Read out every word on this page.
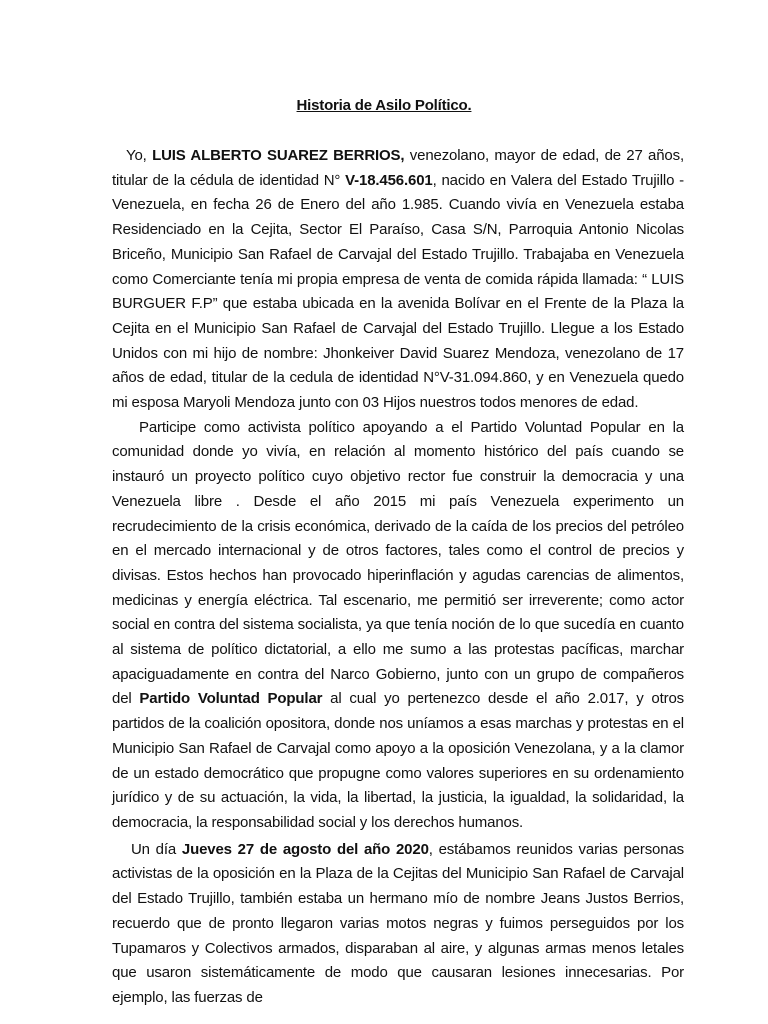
Historia de Asilo Político.

Yo, LUIS ALBERTO SUAREZ BERRIOS, venezolano, mayor de edad, de 27 años, titular de la cédula de identidad N° V-18.456.601, nacido en Valera del Estado Trujillo - Venezuela, en fecha 26 de Enero del año 1.985. Cuando vivía en Venezuela estaba Residenciado en la Cejita, Sector El Paraíso, Casa S/N, Parroquia Antonio Nicolas Briceño, Municipio San Rafael de Carvajal del Estado Trujillo. Trabajaba en Venezuela como Comerciante tenía mi propia empresa de venta de comida rápida llamada: “ LUIS BURGUER F.P” que estaba ubicada en la avenida Bolívar en el Frente de la Plaza la Cejita en el Municipio San Rafael de Carvajal del Estado Trujillo. Llegue a los Estado Unidos con mi hijo de nombre: Jhonkeiver David Suarez Mendoza, venezolano de 17 años de edad, titular de la cedula de identidad N°V-31.094.860, y en Venezuela quedo mi esposa Maryoli Mendoza junto con 03 Hijos nuestros todos menores de edad.

Participe como activista político apoyando a el Partido Voluntad Popular en la comunidad donde yo vivía, en relación al momento histórico del país cuando se instauró un proyecto político cuyo objetivo rector fue construir la democracia y una Venezuela libre . Desde el año 2015 mi país Venezuela experimento un recrudecimiento de la crisis económica, derivado de la caída de los precios del petróleo en el mercado internacional y de otros factores, tales como el control de precios y divisas. Estos hechos han provocado hiperinflación y agudas carencias de alimentos, medicinas y energía eléctrica. Tal escenario, me permitió ser irreverente; como actor social en contra del sistema socialista, ya que tenía noción de lo que sucedía en cuanto al sistema de político dictatorial, a ello me sumo a las protestas pacíficas, marchar apaciguadamente en contra del Narco Gobierno, junto con un grupo de compañeros del Partido Voluntad Popular al cual yo pertenezco desde el año 2.017, y otros partidos de la coalición opositora, donde nos uníamos a esas marchas y protestas en el Municipio San Rafael de Carvajal como apoyo a la oposición Venezolana, y a la clamor de un estado democrático que propugne como valores superiores en su ordenamiento jurídico y de su actuación, la vida, la libertad, la justicia, la igualdad, la solidaridad, la democracia, la responsabilidad social y los derechos humanos.

Un día Jueves 27 de agosto del año 2020, estábamos reunidos varias personas activistas de la oposición en la Plaza de la Cejitas del Municipio San Rafael de Carvajal del Estado Trujillo, también estaba un hermano mío de nombre Jeans Justos Berrios, recuerdo que de pronto llegaron varias motos negras y fuimos perseguidos por los Tupamaros y Colectivos armados, disparaban al aire, y algunas armas menos letales que usaron sistemáticamente de modo que causaran lesiones innecesarias. Por ejemplo, las fuerzas de
